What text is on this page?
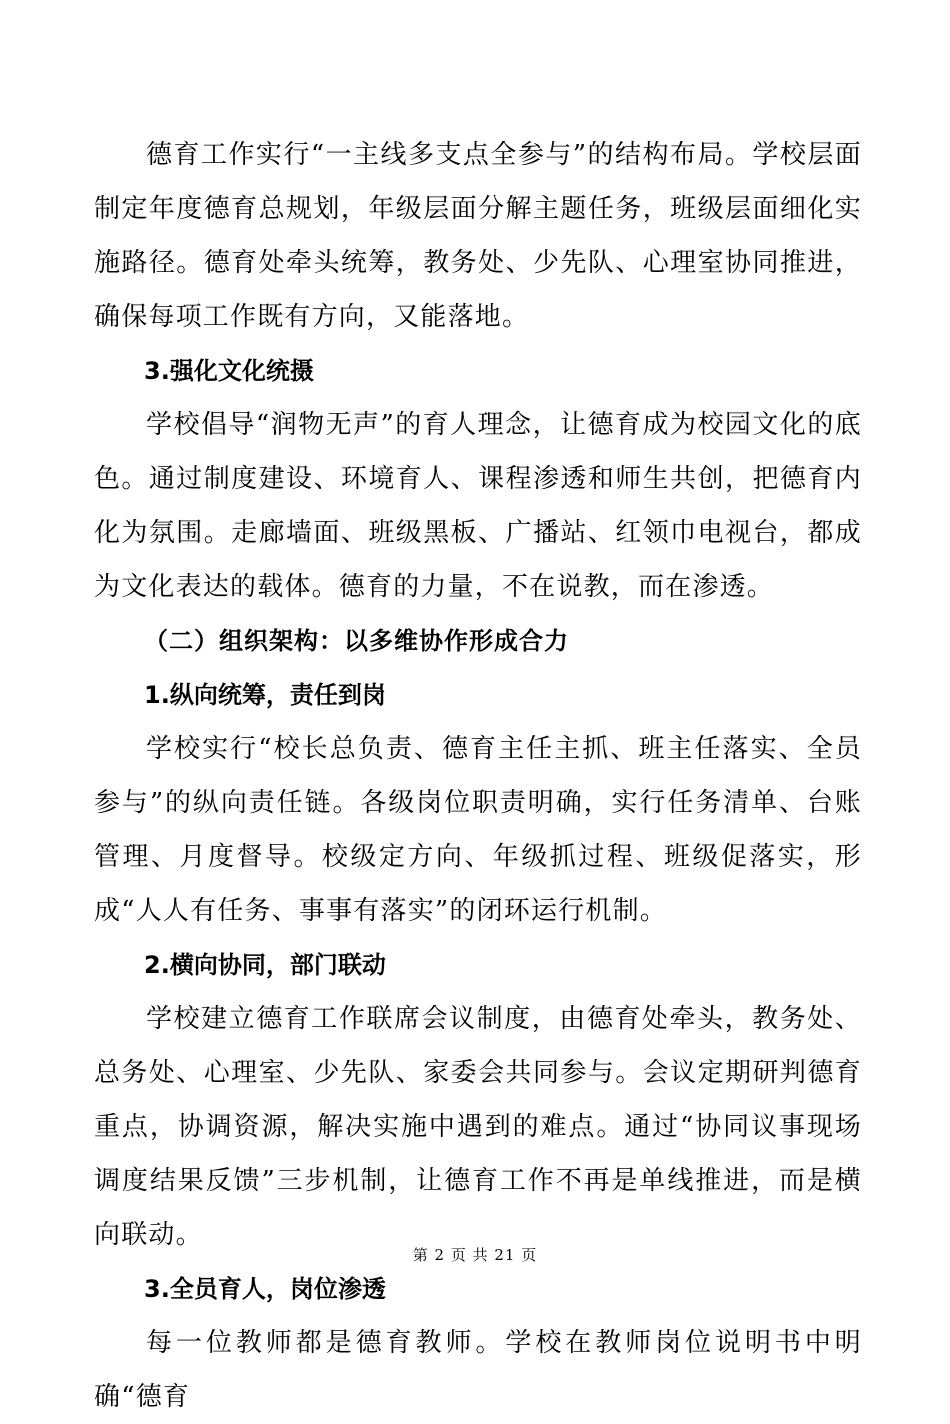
德育工作实行“一主线多支点全参与”的结构布局。学校层面制定年度德育总规划，年级层面分解主题任务，班级层面细化实施路径。德育处牵头统筹，教务处、少先队、心理室协同推进，确保每项工作既有方向，又能落地。

3.强化文化统摄

学校倡导“润物无声”的育人理念，让德育成为校园文化的底色。通过制度建设、环境育人、课程渗透和师生共创，把德育内化为氛围。走廊墙面、班级黑板、广播站、红领巾电视台，都成为文化表达的载体。德育的力量，不在说教，而在渗透。

（二）组织架构：以多维协作形成合力

1.纵向统筹，责任到岗

学校实行“校长总负责、德育主任主抓、班主任落实、全员参与”的纵向责任链。各级岗位职责明确，实行任务清单、台账管理、月度督导。校级定方向、年级抓过程、班级促落实，形成“人人有任务、事事有落实”的闭环运行机制。

2.横向协同，部门联动

学校建立德育工作联席会议制度，由德育处牵头，教务处、总务处、心理室、少先队、家委会共同参与。会议定期研判德育重点，协调资源，解决实施中遇到的难点。通过“协同议事现场调度结果反馈”三步机制，让德育工作不再是单线推进，而是横向联动。

3.全员育人，岗位渗透

每一位教师都是德育教师。学校在教师岗位说明书中明确“德育

第 2 页 共 21 页
